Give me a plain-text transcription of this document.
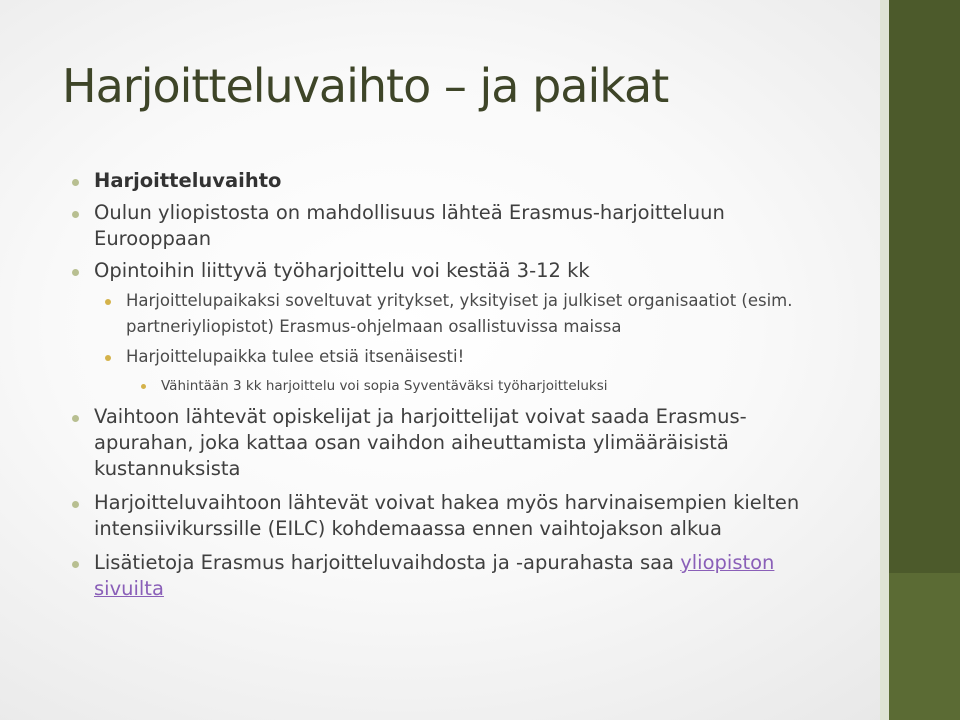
Harjoitteluvaihto – ja paikat
Harjoitteluvaihto
Oulun yliopistosta on mahdollisuus lähteä Erasmus-harjoitteluun Eurooppaan
Opintoihin liittyvä työharjoittelu voi kestää 3-12 kk
Harjoittelupaikaksi soveltuvat yritykset, yksityiset ja julkiset organisaatiot (esim. partneriyliopistot) Erasmus-ohjelmaan osallistuvissa maissa
Harjoittelupaikka tulee etsiä itsenäisesti!
Vähintään 3 kk harjoittelu voi sopia Syventäväksi työharjoitteluksi
Vaihtoon lähtevät opiskelijat ja harjoittelijat voivat saada Erasmus-apurahan, joka kattaa osan vaihdon aiheuttamista ylimääräisistä kustannuksista
Harjoitteluvaihtoon lähtevät voivat hakea myös harvinaisempien kielten intensiivikurssille (EILC) kohdemaassa ennen vaihtojakson alkua
Lisätietoja Erasmus harjoitteluvaihdosta ja -apurahasta saa yliopiston sivuilta
